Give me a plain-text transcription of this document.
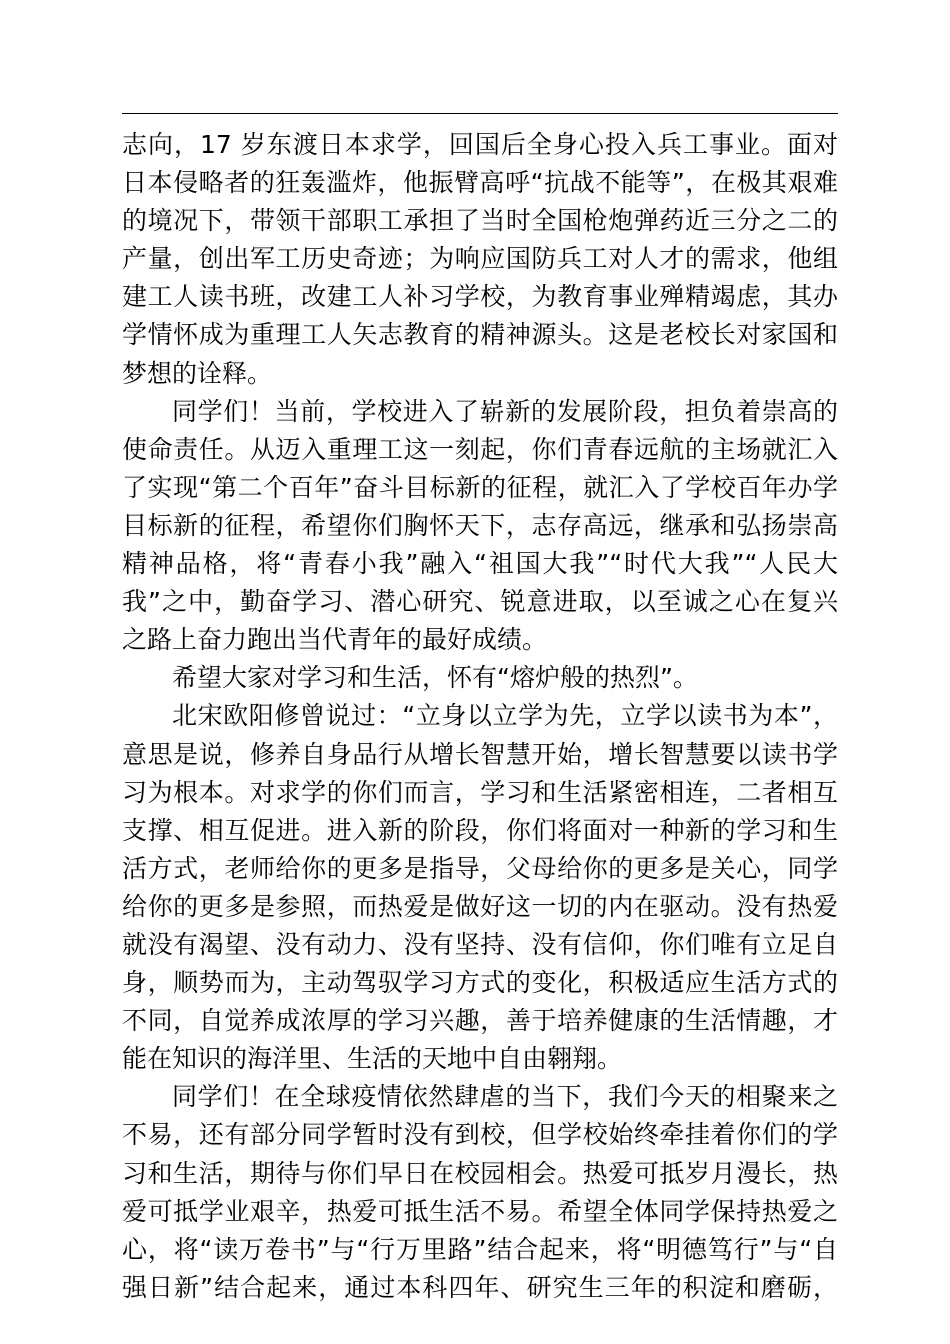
志向，17 岁东渡日本求学，回国后全身心投入兵工事业。面对
日本侵略者的狂轰滥炸，他振臂高呼“抗战不能等”，在极其艰难
的境况下，带领干部职工承担了当时全国枪炮弹药近三分之二的
产量，创出军工历史奇迹；为响应国防兵工对人才的需求，他组
建工人读书班，改建工人补习学校，为教育事业殚精竭虑，其办
学情怀成为重理工人矢志教育的精神源头。这是老校长对家国和
梦想的诠释。
同学们！当前，学校进入了崭新的发展阶段，担负着崇高的
使命责任。从迈入重理工这一刻起，你们青春远航的主场就汇入
了实现“第二个百年”奋斗目标新的征程，就汇入了学校百年办学
目标新的征程，希望你们胸怀天下，志存高远，继承和弘扬崇高
精神品格，将“青春小我”融入“祖国大我”“时代大我”“人民大
我”之中，勤奋学习、潜心研究、锐意进取，以至诚之心在复兴
之路上奋力跑出当代青年的最好成绩。
希望大家对学习和生活，怀有“熔炉般的热烈”。
北宋欧阳修曾说过：“立身以立学为先，立学以读书为本”，
意思是说，修养自身品行从增长智慧开始，增长智慧要以读书学
习为根本。对求学的你们而言，学习和生活紧密相连，二者相互
支撑、相互促进。进入新的阶段，你们将面对一种新的学习和生
活方式，老师给你的更多是指导，父母给你的更多是关心，同学
给你的更多是参照，而热爱是做好这一切的内在驱动。没有热爱
就没有渴望、没有动力、没有坚持、没有信仰，你们唯有立足自
身，顺势而为，主动驾驭学习方式的变化，积极适应生活方式的
不同，自觉养成浓厚的学习兴趣，善于培养健康的生活情趣，才
能在知识的海洋里、生活的天地中自由翱翔。
同学们！在全球疫情依然肆虐的当下，我们今天的相聚来之
不易，还有部分同学暂时没有到校，但学校始终牵挂着你们的学
习和生活，期待与你们早日在校园相会。热爱可抵岁月漫长，热
爱可抵学业艰辛，热爱可抵生活不易。希望全体同学保持热爱之
心，将“读万卷书”与“行万里路”结合起来，将“明德笃行”与“自
强日新”结合起来，通过本科四年、研究生三年的积淀和磨砺，
